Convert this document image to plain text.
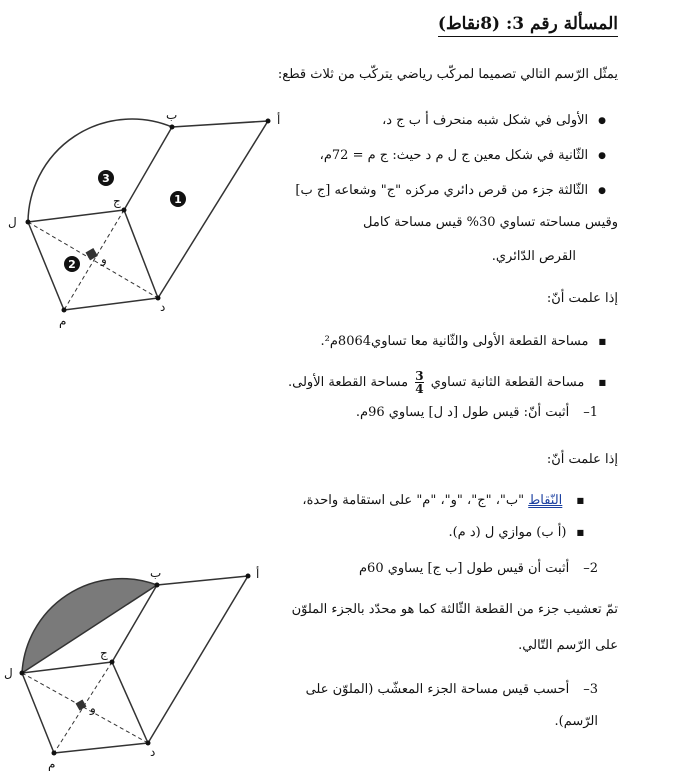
المسألة رقم 3: (8نقاط)
يمثّل الرّسم التالي تصميما لمركّب رياضي يتركّب من ثلاث قطع:
● الأولى في شكل شبه منحرف أ ب ج د،
● الثّانية في شكل معين ج ل م د حيث: ج م = 72م،
● الثّالثة جزء من قرص دائري مركزه "ج" وشعاعه [ج ب]
وقيس مساحته تساوي 30% قيس مساحة كامل
القرص الدّائري.
إذا علمت أنّ:
■ مساحة القطعة الأولى والثّانية معا تساوي8064م².
■ مساحة القطعة الثانية تساوي
$\frac{3}{4}$
مساحة القطعة الأولى.
1–أثبت أنّ: قيس طول [د ل] يساوي 96م.
إذا علمت أنّ:
■ النّقاط "ب"، "ج"، "و"، "م" على استقامة واحدة،
■ (أ ب) موازي ل (د م).
2–أثبت أن قيس طول [ب ج] يساوي 60م
تمّ تعشيب جزء من القطعة الثّالثة كما هو محدّد بالجزء الملوّن
على الرّسم التّالي.
3–أحسب قيس مساحة الجزء المعشّب (الملوّن على
الرّسم).
أ
ب
ج
ل
د
م
و
3
1
2
أ
ب
ج
ل
د
م
و
